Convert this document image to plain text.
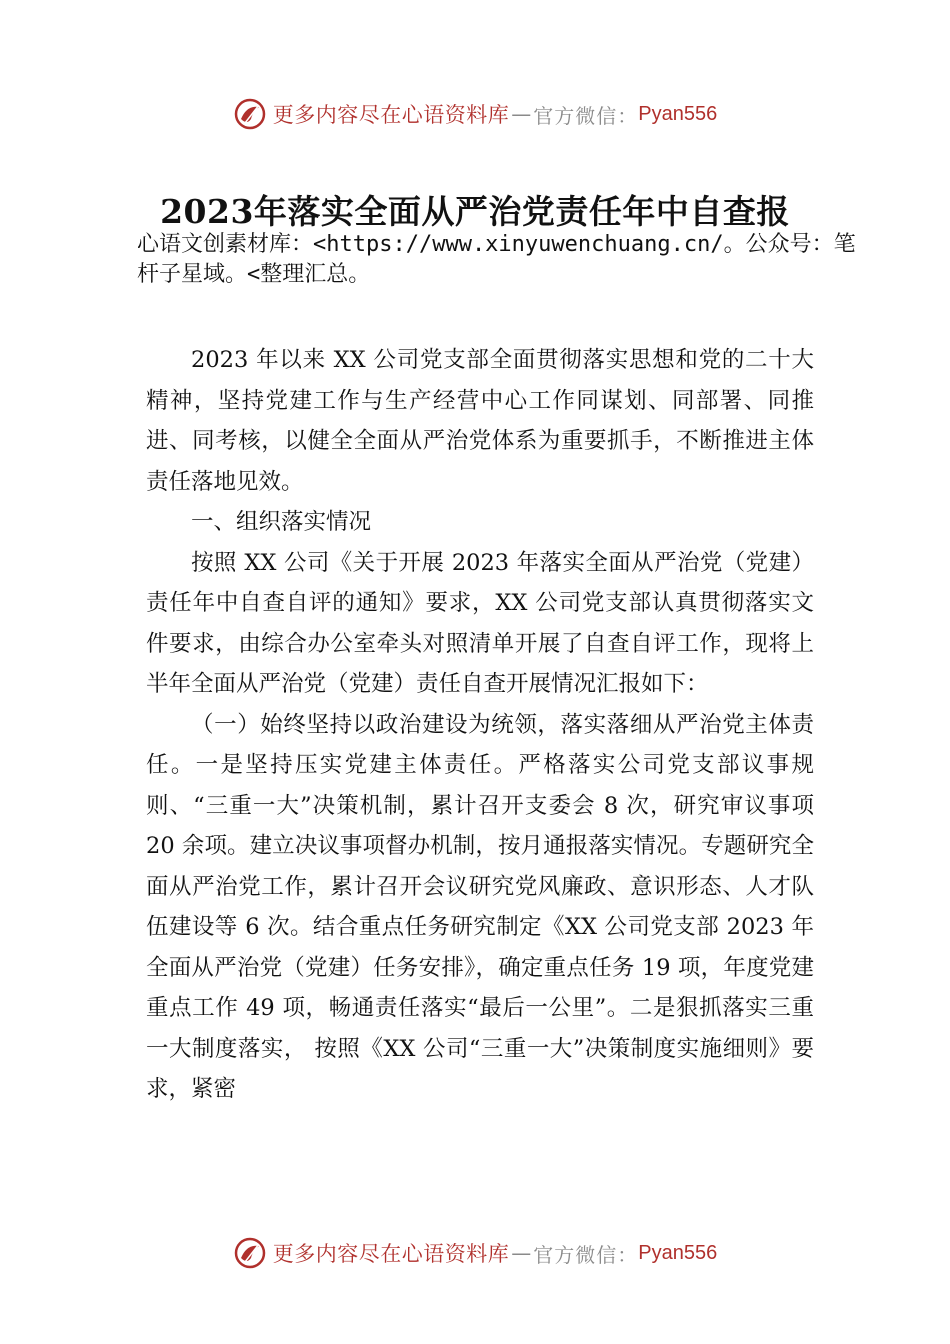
更多内容尽在心语资料库 — 官方微信： Pyan556
2023年落实全面从严治党责任年中自查报
心语文创素材库：<https://www.xinyuwenchuang.cn/。公众号：笔杆子星域。<整理汇总。

2023 年以来 XX 公司党支部全面贯彻落实思想和党的二十大精神，坚持党建工作与生产经营中心工作同谋划、同部署、同推进、同考核，以健全全面从严治党体系为重要抓手，不断推进主体责任落地见效。

一、组织落实情况

按照 XX 公司《关于开展 2023 年落实全面从严治党（党建）责任年中自查自评的通知》要求，XX 公司党支部认真贯彻落实文件要求，由综合办公室牵头对照清单开展了自查自评工作，现将上半年全面从严治党（党建）责任自查开展情况汇报如下：

（一）始终坚持以政治建设为统领，落实落细从严治党主体责任。一是坚持压实党建主体责任。严格落实公司党支部议事规则、“三重一大”决策机制，累计召开支委会 8 次，研究审议事项 20 余项。建立决议事项督办机制，按月通报落实情况。专题研究全面从严治党工作，累计召开会议研究党风廉政、意识形态、人才队伍建设等 6 次。结合重点任务研究制定《XX 公司党支部 2023 年全面从严治党（党建）任务安排》，确定重点任务 19 项，年度党建重点工作 49 项，畅通责任落实“最后一公里”。二是狠抓落实三重一大制度落实， 按照《XX 公司“三重一大”决策制度实施细则》要求，紧密

更多内容尽在心语资料库 — 官方微信： Pyan556
